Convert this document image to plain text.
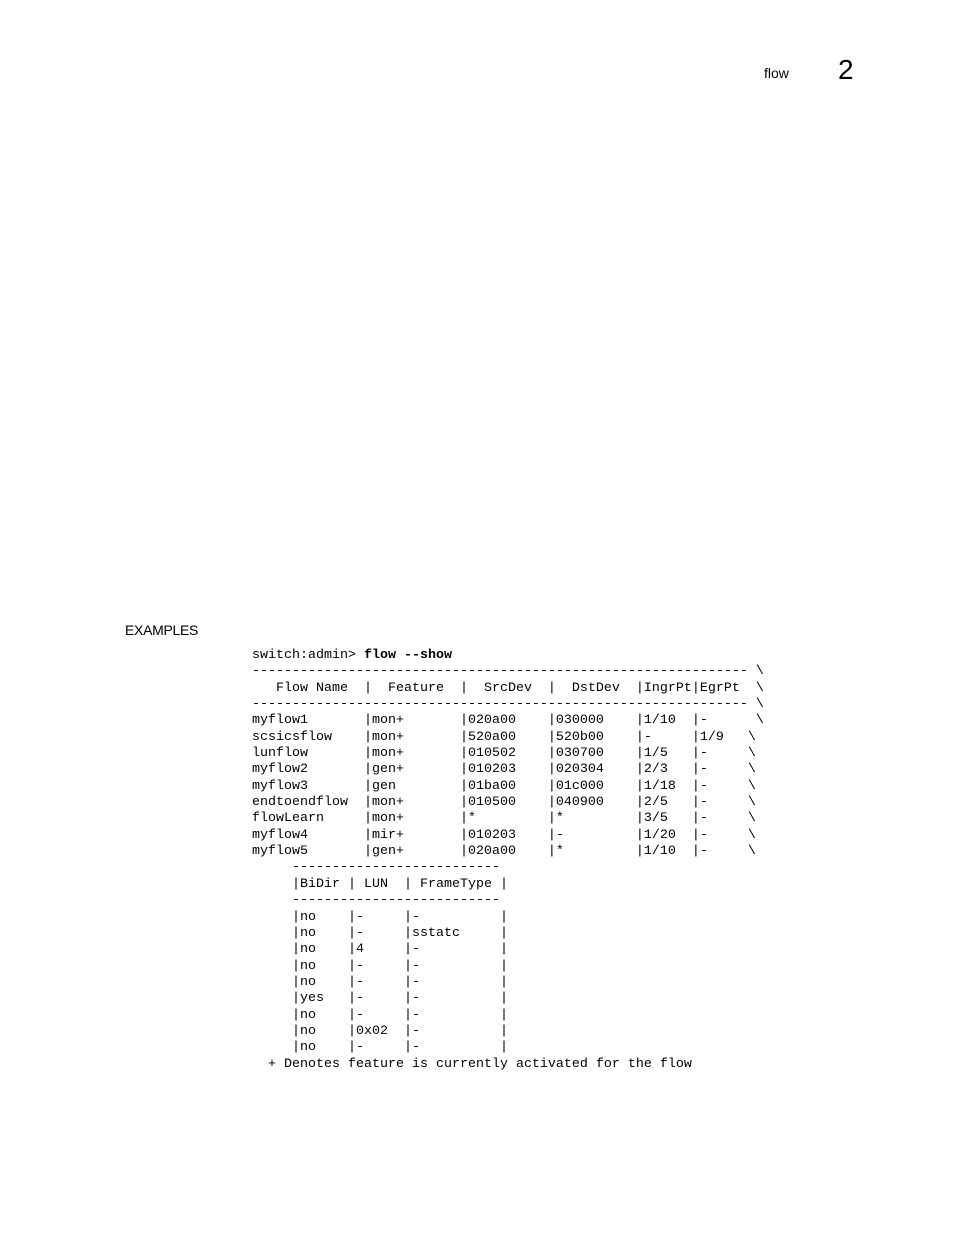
flow 2
EXAMPLES
switch:admin> flow --show
-------------------------------------------------------------- \
Flow Name  |  Feature  |  SrcDev  |  DstDev  |IngrPt|EgrPt  \
-------------------------------------------------------------- \
myflow1       |mon+       |020a00    |030000    |1/10  |-      \
scsicsflow    |mon+       |520a00    |520b00    |-     |1/9   \
lunflow       |mon+       |010502    |030700    |1/5   |-     \
myflow2       |gen+       |010203    |020304    |2/3   |-     \
myflow3       |gen        |01ba00    |01c000    |1/18  |-     \
endtoendflow  |mon+       |010500    |040900    |2/5   |-     \
flowLearn     |mon+       |*         |*         |3/5   |-     \
myflow4       |mir+       |010203    |-         |1/20  |-     \
myflow5       |gen+       |020a00    |*         |1/10  |-     \
--------------------------
|BiDir | LUN  | FrameType |
--------------------------
|no    |-     |-          |
|no    |-     |sstatc     |
|no    |4     |-          |
|no    |-     |-          |
|no    |-     |-          |
|yes   |-     |-          |
|no    |-     |-          |
|no    |0x02  |-          |
|no    |-     |-          |
+ Denotes feature is currently activated for the flow
